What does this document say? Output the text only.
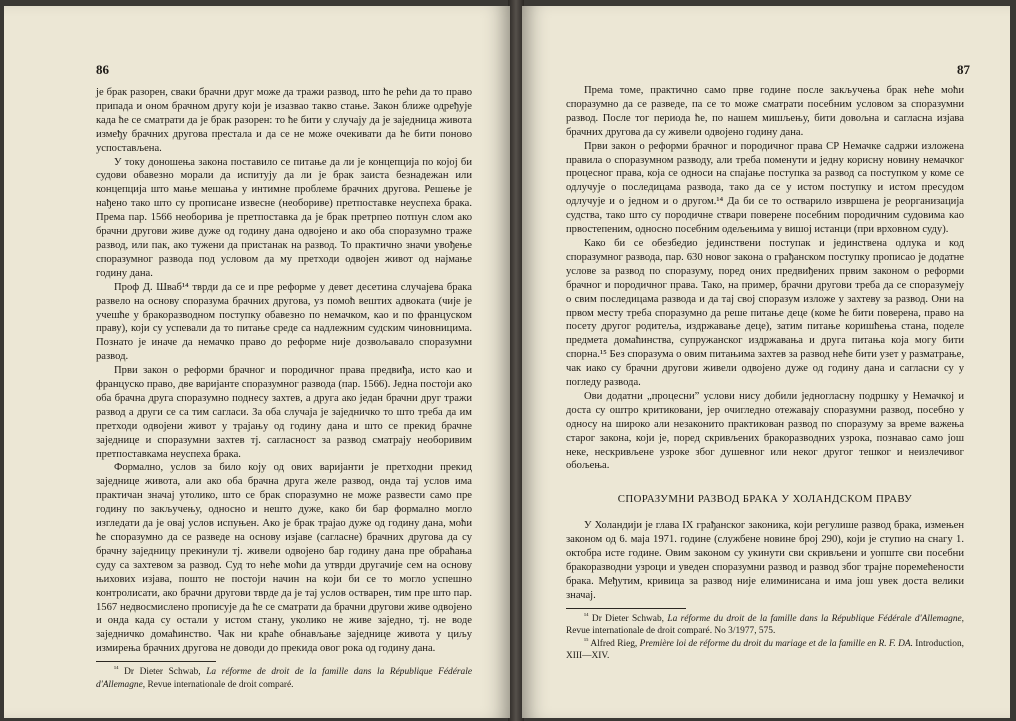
86

је брак разорен, сваки брачни друг може да тражи развод, што ће рећи да то право припада и оном брачном другу који је изазвао такво стање. Закон ближе одређује када ће се сматрати да је брак разорен: то ће бити у случају да је заједница живота између брачних другова престала и да се не може очекивати да ће бити поново успостављена.

У току доношења закона поставило се питање да ли је концепција по којој би судови обавезно морали да испитују да ли је брак заиста безнадежан или концепција што мање мешања у интимне проблеме брачних другова. Решење је нађено тако што су прописане извесне (необориве) претпоставке неуспеха брака. Према пар. 1566 необорива је претпоставка да је брак претрпео потпун слом ако брачни другови живе дуже од годину дана одвојено и ако оба споразумно траже развод, или пак, ако тужени да пристанак на развод. То практично значи увођење споразумног развода под условом да му претходи одвојен живот од најмање годину дана.

Проф Д. Шваб¹⁴ тврди да се и пре реформе у девет десетина случајева брака развело на основу споразума брачних другова, уз помоћ вештих адвоката (чије је учешће у бракоразводном поступку обавезно по немачком, као и по француском праву), који су успевали да то питање среде са надлежним судским чиновницима. Познато је иначе да немачко право до реформе није дозвољавало споразумни развод.

Први закон о реформи брачног и породичног права предвиђа, исто као и француско право, две варијанте споразумног развода (пар. 1566). Једна постоји ако оба брачна друга споразумно поднесу захтев, а друга ако један брачни друг тражи развод а други се са тим сагласи. За оба случаја је заједничко то што треба да им претходи одвојени живот у трајању од годину дана и што се прекид брачне заједнице и споразумни захтев тј. сагласност за развод сматрају необоривим претпоставкама неуспеха брака.

Формално, услов за било коју од ових варијанти је претходни прекид заједнице живота, али ако оба брачна друга желе развод, онда тај услов има практичан значај утолико, што се брак споразумно не може развести само пре годину по закључењу, односно и нешто дуже, како би бар формално могло изгледати да је овај услов испуњен. Ако је брак трајао дуже од годину дана, моћи ће споразумно да се разведе на основу изјаве (сагласне) брачних другова да су брачну заједницу прекинули тј. живели одвојено бар годину дана пре обраћања суду са захтевом за развод. Суд то неће моћи да утврди другачије сем на основу њихових изјава, пошто не постоји начин на који би се то могло успешно контролисати, ако брачни другови тврде да је тај услов остварен, тим пре што пар. 1567 недвосмислено прописује да ће се сматрати да брачни другови живе одвојено и онда када су остали у истом стану, уколико не живе заједно, тј. не воде заједничко домаћинство. Чак ни краће обнављање заједнице живота у циљу измирења брачних другова не доводи до прекида овог рока од годину дана.

$^{^{14}}$ Dr Dieter Schwab, La réforme de droit de la famille dans la République Fédérale d'Allemagne, Revue internationale de droit comparé.

87

Према томе, практично само прве године после закључења брак неће моћи споразумно да се разведе, па се то може сматрати посебним условом за споразумни развод. После тог периода ће, по нашем мишљењу, бити довољна и сагласна изјава брачних другова да су живели одвојено годину дана.

Први закон о реформи брачног и породичног права СР Немачке садржи изложена правила о споразумном разводу, али треба поменути и једну корисну новину немачког процесног права, која се односи на спајање поступка за развод са поступком у коме се одлучује о последицама развода, тако да се у истом поступку и истом пресудом одлучује и о једном и о другом.¹⁴ Да би се то остварило извршена је реорганизација судства, тако што су породичне ствари поверене посебним породичним судовима као првостепеним, односно посебним одељењима у вишој истанци (при врховном суду).

Како би се обезбедио јединствени поступак и јединствена одлука и код споразумног развода, пар. 630 новог закона о грађанском поступку прописао је додатне услове за развод по споразуму, поред оних предвиђених првим законом о реформи брачног и породичног права. Тако, на пример, брачни другови треба да се споразумеју о свим последицама развода и да тај свој споразум изложе у захтеву за развод. Они на првом месту треба споразумно да реше питање деце (коме ће бити поверена, право на посету другог родитеља, издржавање деце), затим питање коришћења стана, поделе предмета домаћинства, супружанског издржавања и друга питања која могу бити спорна.¹⁵ Без споразума о овим питањима захтев за развод неће бити узет у разматрање, чак иако су брачни другови живели одвојено дуже од годину дана и сагласни су у погледу развода.

Ови додатни „процесни” услови нису добили једногласну подршку у Немачкој и доста су оштро критиковани, јер очигледно отежавају споразумни развод, посебно у односу на широко али незаконито практикован развод по споразуму за време важења старог закона, који је, поред скривљених бракоразводних узрока, познавао само још неке, нескривљене узроке због душевног или неког другог тешког и неизлечивог обољења.

СПОРАЗУМНИ РАЗВОД БРАКА У ХОЛАНДСКОМ ПРАВУ

У Холандији је глава IX грађанског законика, који регулише развод брака, измењен законом од 6. маја 1971. године (службене новине број 290), који је ступио на снагу 1. октобра исте године. Овим законом су укинути сви скривљени и уопште сви посебни бракоразводни узроци и уведен споразумни развод и развод због трајне поремећености брака. Међутим, кривица за развод није елиминисана и има још увек доста велики значај.

$^{^{14}}$ Dr Dieter Schwab, La réforme du droit de la famille dans la République Fédérale d'Allemagne, Revue internationale de droit comparé. No 3/1977, 575.

$^{^{15}}$ Alfred Rieg, Première loi de réforme du droit du mariage et de la famille en R. F. DA. Introduction, XIII—XIV.
